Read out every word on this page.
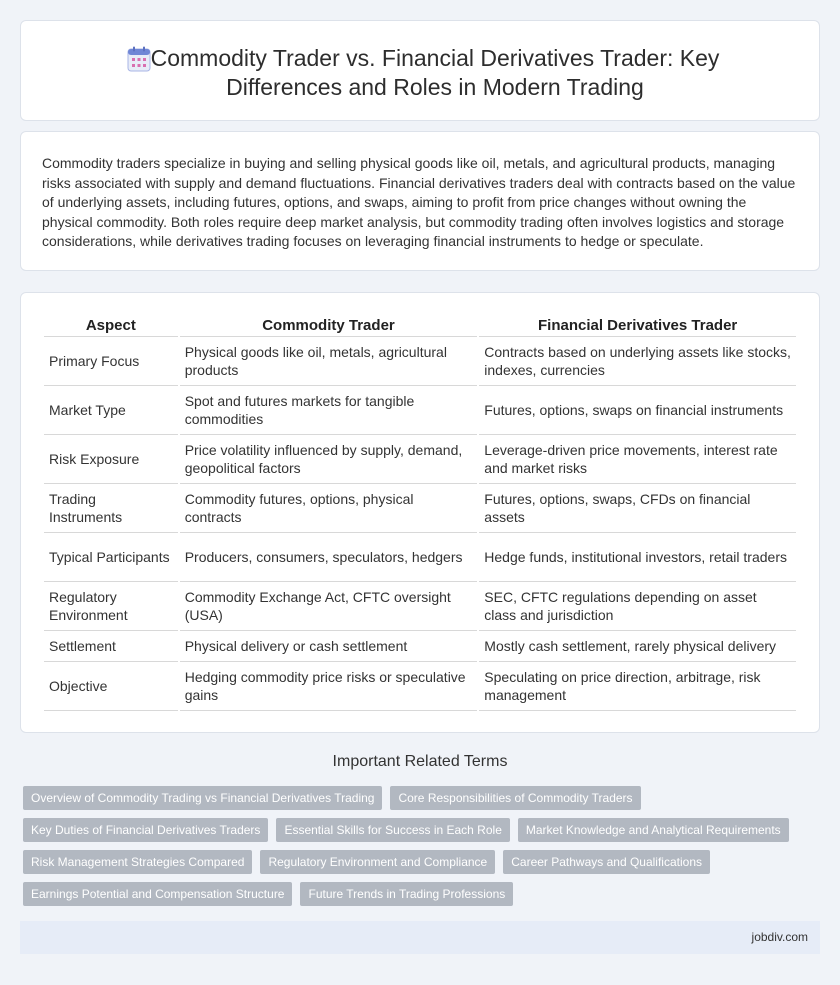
Commodity Trader vs. Financial Derivatives Trader: Key Differences and Roles in Modern Trading

Commodity traders specialize in buying and selling physical goods like oil, metals, and agricultural products, managing risks associated with supply and demand fluctuations. Financial derivatives traders deal with contracts based on the value of underlying assets, including futures, options, and swaps, aiming to profit from price changes without owning the physical commodity. Both roles require deep market analysis, but commodity trading often involves logistics and storage considerations, while derivatives trading focuses on leveraging financial instruments to hedge or speculate.

Aspect	Commodity Trader	Financial Derivatives Trader
Primary Focus	Physical goods like oil, metals, agricultural products	Contracts based on underlying assets like stocks, indexes, currencies
Market Type	Spot and futures markets for tangible commodities	Futures, options, swaps on financial instruments
Risk Exposure	Price volatility influenced by supply, demand, geopolitical factors	Leverage-driven price movements, interest rate and market risks
Trading Instruments	Commodity futures, options, physical contracts	Futures, options, swaps, CFDs on financial assets
Typical Participants	Producers, consumers, speculators, hedgers	Hedge funds, institutional investors, retail traders
Regulatory Environment	Commodity Exchange Act, CFTC oversight (USA)	SEC, CFTC regulations depending on asset class and jurisdiction
Settlement	Physical delivery or cash settlement	Mostly cash settlement, rarely physical delivery
Objective	Hedging commodity price risks or speculative gains	Speculating on price direction, arbitrage, risk management
Important Related Terms
Overview of Commodity Trading vs Financial Derivatives Trading	Core Responsibilities of Commodity Traders
Key Duties of Financial Derivatives Traders	Essential Skills for Success in Each Role	Market Knowledge and Analytical Requirements
Risk Management Strategies Compared	Regulatory Environment and Compliance	Career Pathways and Qualifications
Earnings Potential and Compensation Structure	Future Trends in Trading Professions
jobdiv.com
